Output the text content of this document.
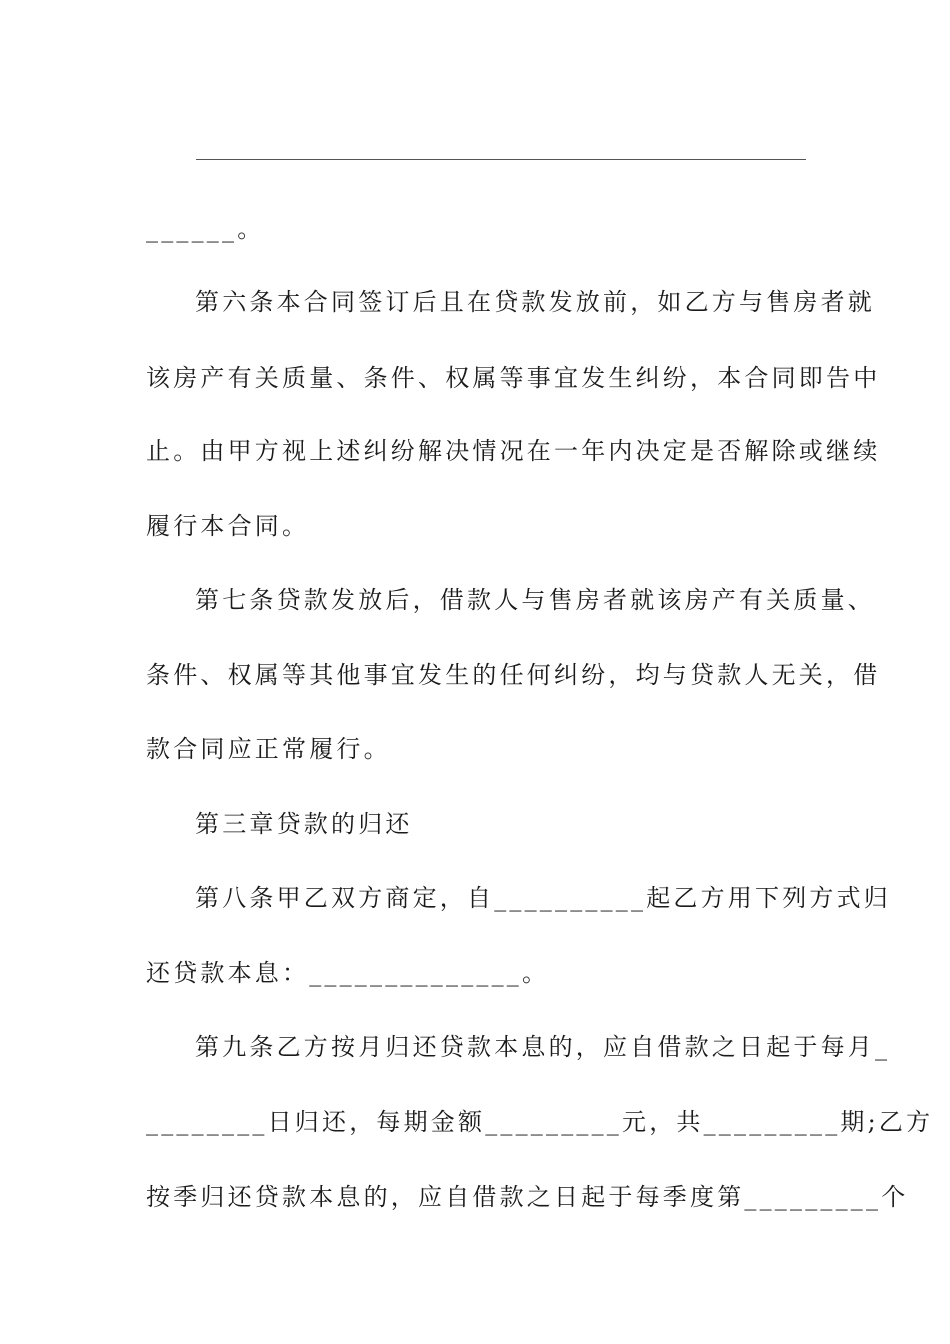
______。
第六条本合同签订后且在贷款发放前，如乙方与售房者就
该房产有关质量、条件、权属等事宜发生纠纷，本合同即告中
止。由甲方视上述纠纷解决情况在一年内决定是否解除或继续
履行本合同。
第七条贷款发放后，借款人与售房者就该房产有关质量、
条件、权属等其他事宜发生的任何纠纷，均与贷款人无关，借
款合同应正常履行。
第三章贷款的归还
第八条甲乙双方商定，自__________起乙方用下列方式归
还贷款本息：______________。
第九条乙方按月归还贷款本息的，应自借款之日起于每月_
________日归还，每期金额_________元，共_________期;乙方
按季归还贷款本息的，应自借款之日起于每季度第_________个
